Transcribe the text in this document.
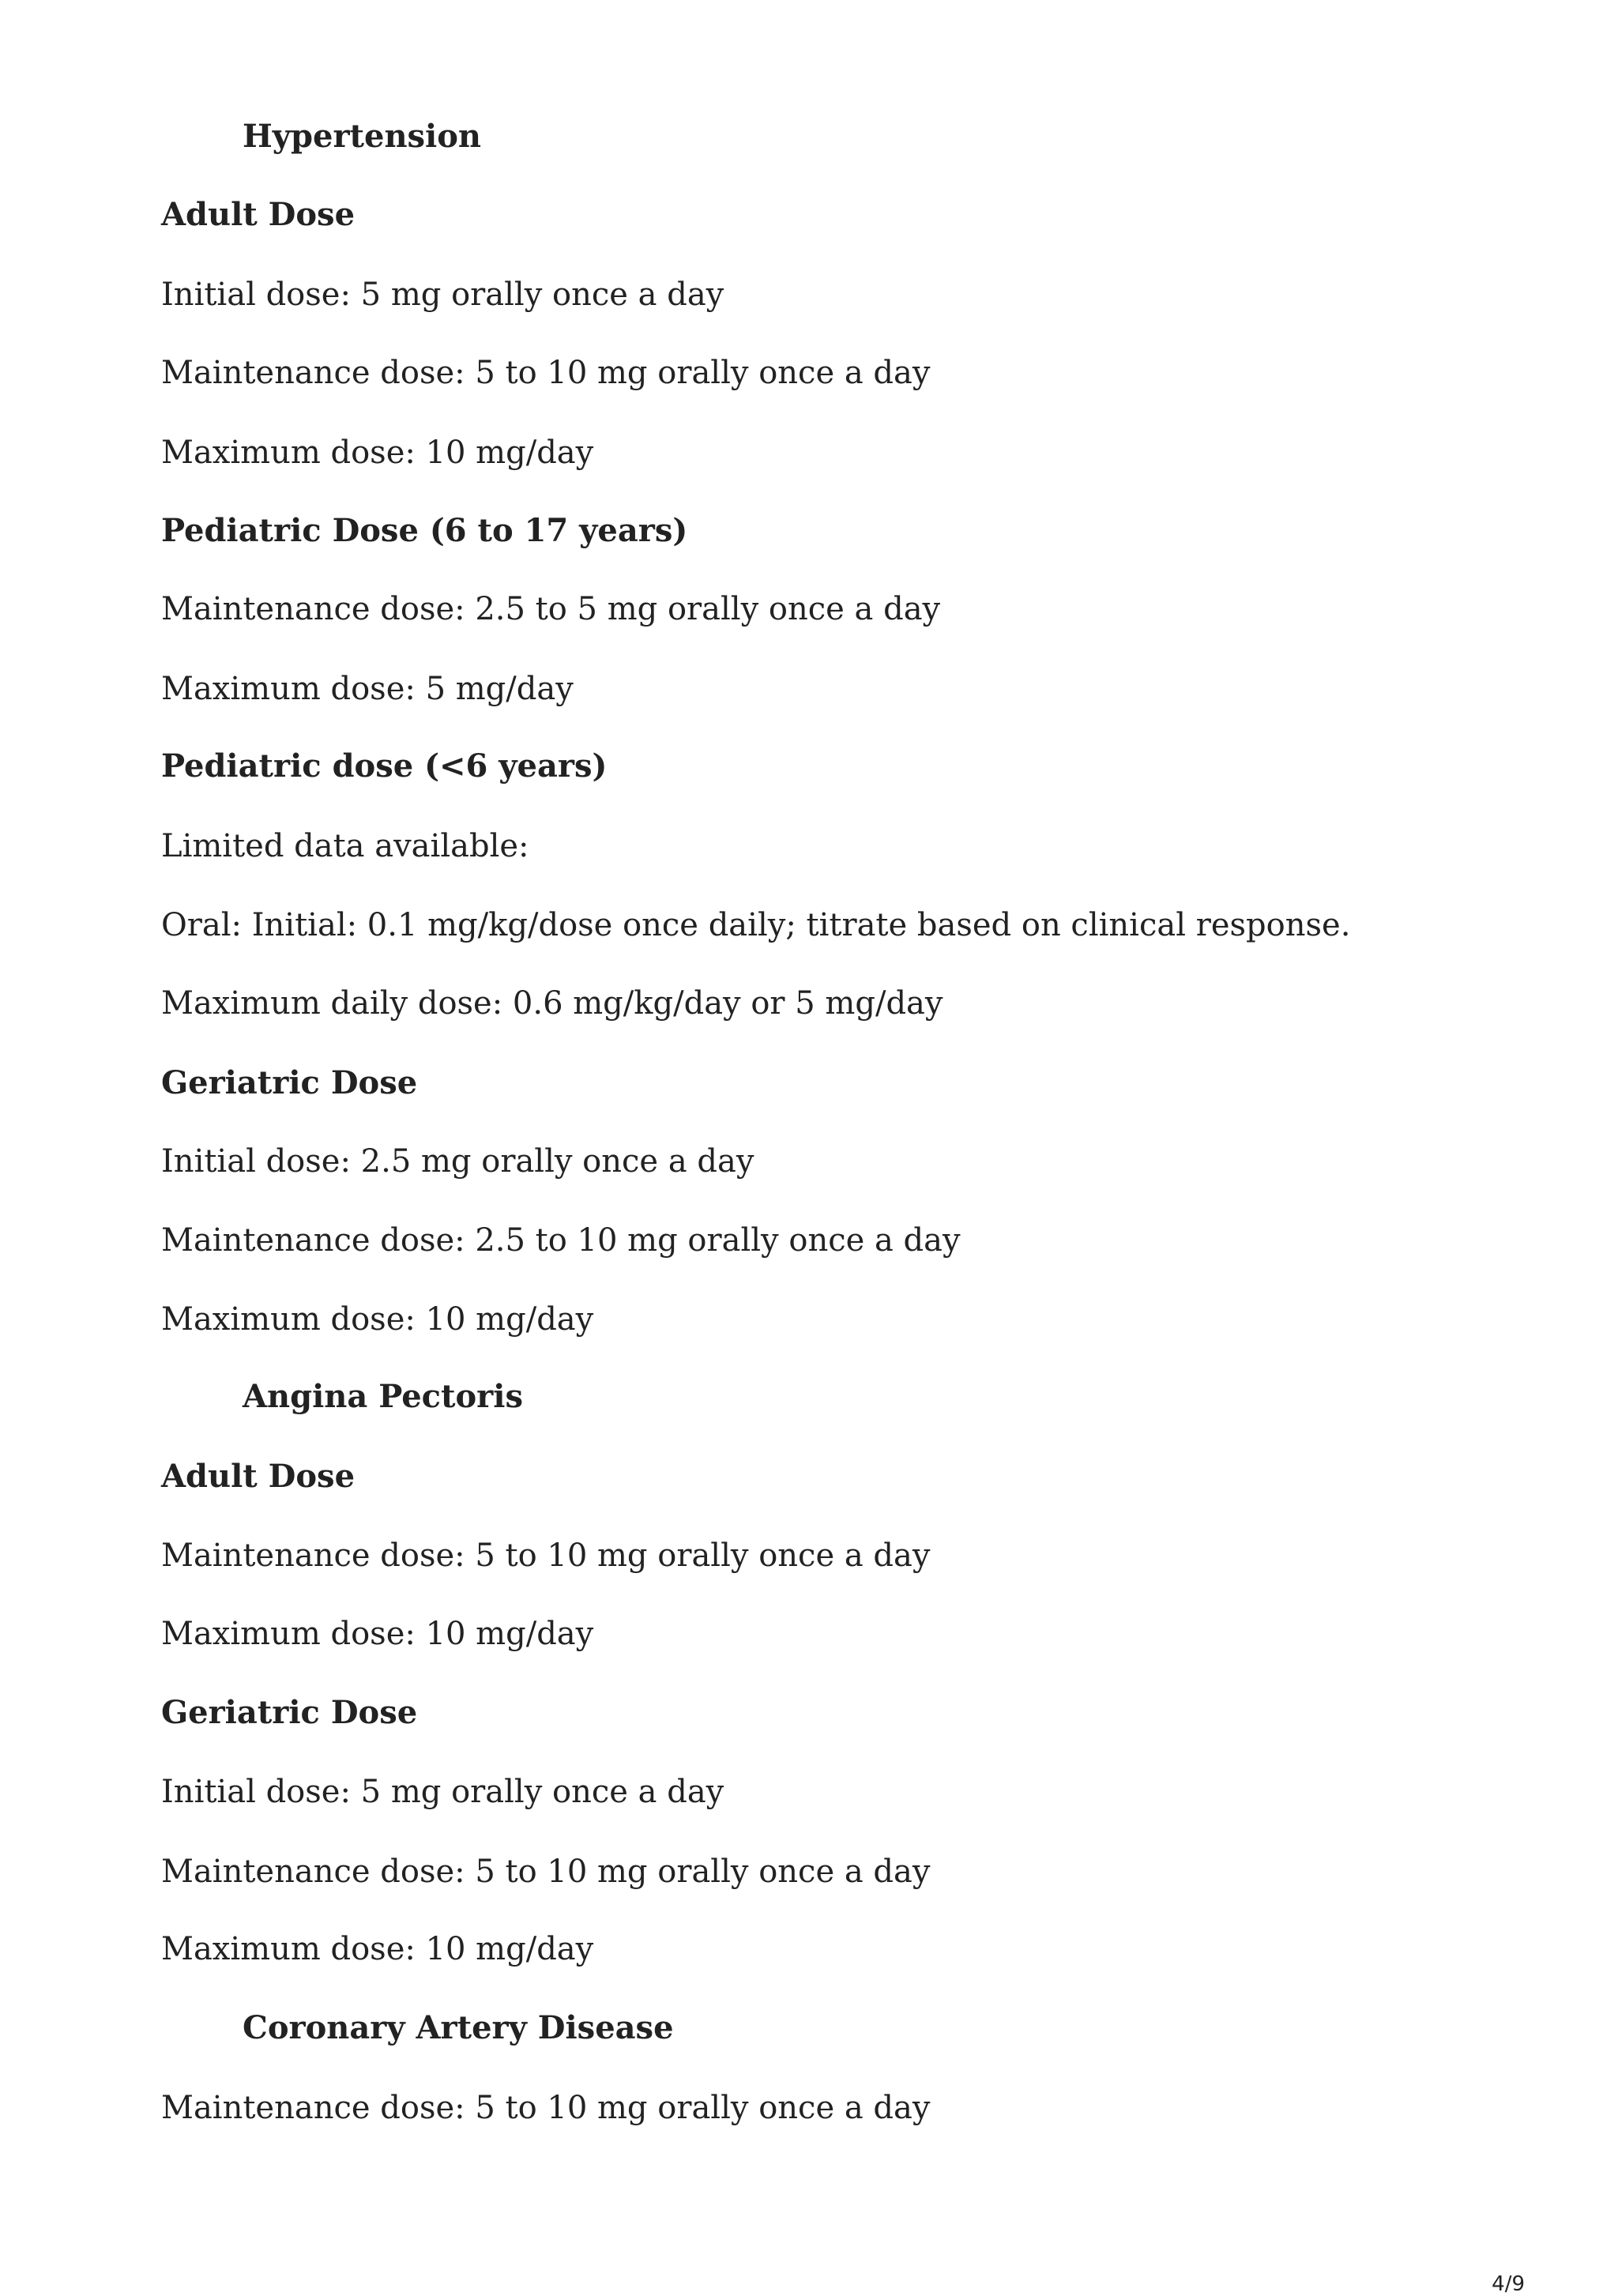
Hypertension
Adult Dose
Initial dose: 5 mg orally once a day
Maintenance dose: 5 to 10 mg orally once a day
Maximum dose: 10 mg/day
Pediatric Dose (6 to 17 years)
Maintenance dose: 2.5 to 5 mg orally once a day
Maximum dose: 5 mg/day
Pediatric dose (<6 years)
Limited data available:
Oral: Initial: 0.1 mg/kg/dose once daily; titrate based on clinical response.
Maximum daily dose: 0.6 mg/kg/day or 5 mg/day
Geriatric Dose
Initial dose: 2.5 mg orally once a day
Maintenance dose: 2.5 to 10 mg orally once a day
Maximum dose: 10 mg/day
Angina Pectoris
Adult Dose
Maintenance dose: 5 to 10 mg orally once a day
Maximum dose: 10 mg/day
Geriatric Dose
Initial dose: 5 mg orally once a day
Maintenance dose: 5 to 10 mg orally once a day
Maximum dose: 10 mg/day
Coronary Artery Disease
Maintenance dose: 5 to 10 mg orally once a day
4/9
